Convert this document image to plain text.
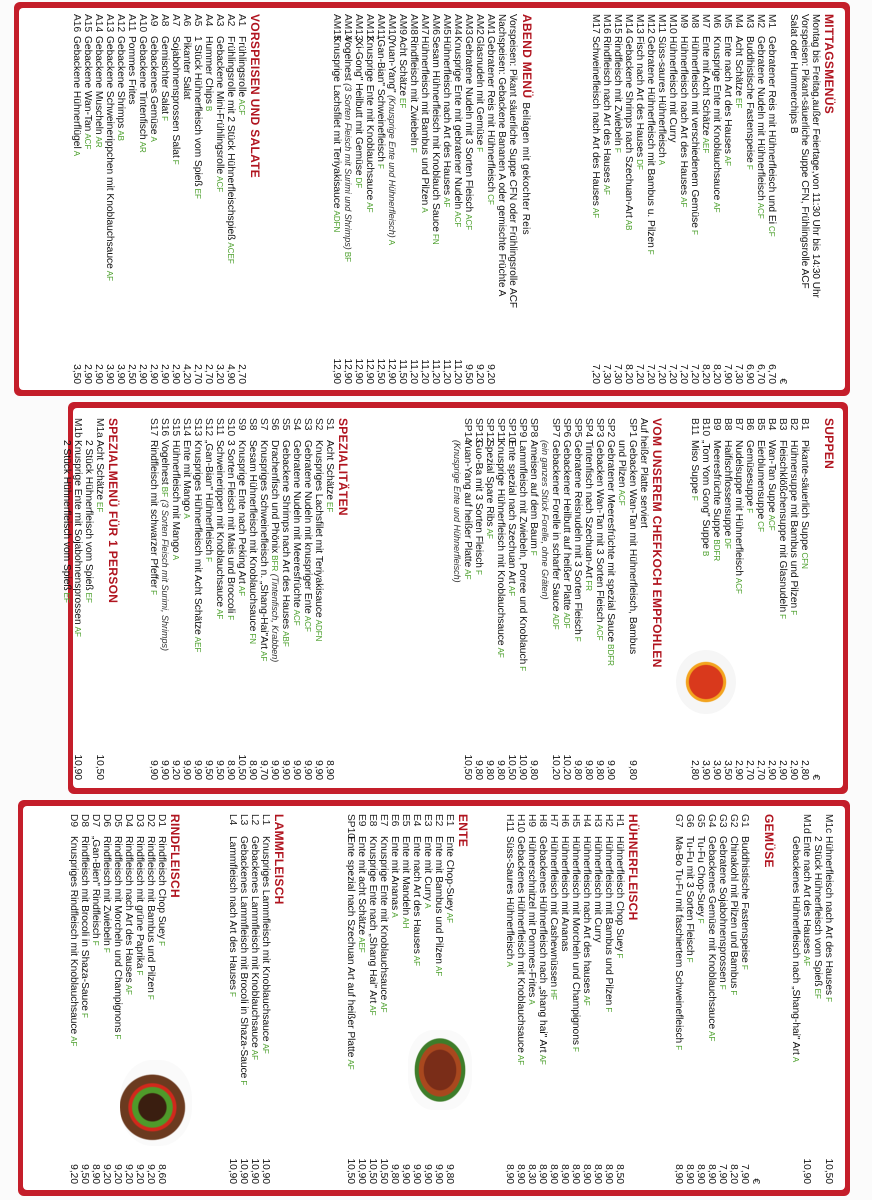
MITTAGSMENÜS
Montag bis Freitag,außer Feiertage,von 11:30 Uhr bis 14:30 Uhr
Vorspeisen: Pikant-säuerliche Suppe CFN, Frühlingsrolle ACF
Salat oder Hummerchips B
€
M1
Gebratener Reis mit Hühnerfleisch und EiCF
6,70
M2
Gebratene Nudeln mit HühnerfleischACF
6,70
M3
Buddhistische FastenspeiseF
6,90
M4
Acht SchätzeEF
7,30
M5
Ente nach Art des HausesAF
7,90
M6
Knusprige Ente mit KnoblauchsauceAF
8,20
M7
Ente mit Acht SchätzeAEF
8,20
M8
Hühnerfleisch mit verschiedenem GemüseF
7,20
M9
Hühnerfleisch nach Art des HausesAF
7,20
M10
Hühnerfleisch mit Curry
7,20
M11
Süss-saures HühnerfleischA
7,20
M12
Gebratene Hühnerfleisch mit Bambus u. PilzenF
7,20
M13
Fisch nach Art des HausesDF
7,20
M14
Gebackene Shrimps nach Szechuan-ArtAB
8,20
M15
Rindfleisch mit ZwiebelnF
7,30
M16
Rindfleisch nach Art des HausesAF
7,30
M17
Schweinefleisch nach Art des HausesAF
7,20
ABEND MENÜBeilagen mit gekochter Reis
Vorspeisen: Pikant säuerliche Suppe CFN oder Frühlingsrolle ACF
Nachspeisen: Gebackene Bananen A oder gemischte Früchte A
AM1
Gebratener Reis mit HühnerfleischCF
9,20
AM2
Glasnudeln mit GemüseF
9,20
AM3
Gebratene Nudeln mit 3 Sorten FleischACF
9,50
AM4
Knusprige Ente mit gebratener NudelnACF
11,20
AM5
Hühnerfleisch nach Art des HausesAF
11,20
AM6
Sesam Hühnerfleisch mit Knoblauch SauceFN
11,20
AM7
Hühnerfleisch mit Bambus und PilzenA
11,20
AM8
Rindfleisch mit ZwiebelnF
11,20
AM9
Acht SchätzeEF
11,50
AM10
„Yuan-Yang" (Knusprige Ente und Hühnerfleisch)A
12,90
AM11
„Gan-Bian" SchweinefleischF
12,50
AM12
Knusprige Ente mit KnoblauchsauceAF
12,90
AM13
„Xi-Gong" Heilbutt mit GemüseDF
12,90
AM14
Vogelnest (3 Sorten Fleisch mit Surimi und Shrimps)BF
12,90
AM15
Knusprige Lachsfilet mit TeriyakisauceADFN
12,90
VORSPEISEN UND SALATE
A1
FrühlingsrolleACF
2,70
A2
Frühlingsrolle mit 2 Stück HühnerfleischspießACEF
4,90
A3
Gebackene Mini-FrühlingsrolleACF
3,20
A4
Hummer ChipsB
2,70
A5
1 Stück Hühnerfleisch vom SpießEF
2,70
A6
Pikanter Salat
4,20
A7
Sojabohnensprossen SalatF
2,90
A8
Gemischter SalatF
2,90
A9
Gebackenes GemüseA
2,90
A10
Gebackene TintenfischAR
2,90
A11
Pommes Frites
2,50
A12
Gebackene ShrimpsAB
3,90
A13
Gebackene Schweinerippchen mit KnoblauchsauceAF
3,90
A14
Gebackene MuschelnAR
2,90
A15
Gebackene Wan-TanACF
2,90
A16
Gebackene HühnerflügelA
3,50
SUPPEN
€
B1
Pikante-säuerlich SuppeCFN
2,80
B2
Hühnersuppe mit Bambus und PilzenF
2,90
B3
Fleischklößchensuppe mit GlasnudelnF
2,90
B4
Wan-Tan SuppeACF
2,90
B5
EierblumensuppeCF
2,70
B6
GemüsesuppeF
2,70
B7
Nudelsuppe mit HühnerfleischACF
2,90
B8
HaifischflossensuppeDF
3,50
B9
Meeresfrüchte SuppeBDFR
3,90
B10
„Tom Yom Gong" SuppeB
3,90
B11
Miso SuppeF
2,80
VOM UNSEREM CHEFKOCH EMPFOHLEN
Auf heißer Platte serviert
SP1
Gebacken Wan-Tan mit Hühnerfleisch, Bambus
9,80
und PilzenACF
SP2
Gebratener Meeresfrüchte mit spezial SauceBDFR
9,90
SP3
Gebacken Wan-Tan mit 3 Sorten FleischACF
9,80
SP4
Tintenfisch nach Szechuan-ArtFR
9,80
SP5
Gebratene Reisnudeln mit 3 Sorten FleischF
9,80
SP6
Gebackener Heilbutt auf heißer PlatteADF
10,20
SP7
Gebackener Forelle in scharfer SauceADF
10,20
(ein ganzes Stück Forelle, ohne Gräten)
SP8
Ameisen auf dem BaumF
9,80
SP9
Lammfleisch mit Zwiebeln, Porree und KnoblauchF
10,90
SP10
Ente spezial nach Szechuan ArtAF
10,50
SP11
Knusprige Hühnerfleisch mit KnoblauchsauceAF
9,80
SP12
Spezial Spare RibsAF
9,80
SP13
Guo-Ba mit 3 Sorten FleischF
9,80
SP14
Yuan-Yang auf heißer PlatteAF
10,50
(Knusprige Ente und Hühnerfleisch)
SPEZIALITÄTEN
S1
Acht SchätzeEF
8,90
S2
Knuspriges Lachsfilet mit TeriyakisauceADFN
9,90
S3
Gebratene Nudeln mit knuspriger EnteACF
9,90
S4
Gebratene Nudeln mit MeeresfrüchteACF
9,90
S5
Gebackene Shrimps nach Art des HausesABF
9,90
S6
Drachenfisch und PhönixBFR (Tintenfisch, Krabben)
9,90
S7
Knuspriges Schweinefleisch n. „Shang-Hai"ArtAF
9,70
S8
Sesam Hühnerfleisch mit KnoblauchsauceFN
8,90
S9
Knusprige Ente nach Peking ArtAF
10,50
S10
3 Sorten Fleisch mit Mais und BroccoliF
8,90
S11
Schweinerippen mit KnoblauchsauceAF
9,50
S12
„Gan-Bian" HühnerfleischF
9,50
S13
Knuspriges Hühnerfleisch mit Acht SchätzeAEF
9,90
S14
Ente mit MangoA
9,90
S15
Hühnerfleisch mit MangoA
9,20
S16
VogelnestBF (3 Sorten Fleisch mit Surimi, Shrimps)
9,90
S17
Rindfleisch mit schwarzer PfefferF
9,90
SPEZIALMENÜ FÜR 1 PERSON
M1a
Acht SchätzeEF
10,50
2 Stück Hühnerfleisch vom SpießEF
M1b
Knusprige Ente mit SojabohnensprossenAF
10,90
2 Stück Hühnerfleisch vom SpießEF
M1c
Hühnerfleisch nach Art des HausesF
10,50
2 Stück Hühnerfleisch vom SpießEF
M1d
Ente nach Art des HausesAF
10,90
Gebackenes Hühnerfleisch nach „Shang-hai" ArtA
GEMÜSE
€
G1
Buddhistische FastenspeiseF
7,90
G2
Chinakohl mit Pilzen und BambusF
8,20
G3
Gebratene SojabohnensprossenF
7,90
G4
Gebackenes Gemüse mit KnoblauchsauceAF
8,90
G5
Tu-Fu Chop-SueyF
8,90
G6
Tu-Fu mit 3 Sorten FleischF
8,90
G7
Ma-Bo Tu-Fu mit faschiertem SchweinefleischF
8,90
HÜHNERFLEISCH
H1
Hühnerfleisch Chop SueyF
8,50
H2
Hühnerfleisch mit Bambus und PilzenF
8,90
H3
Hühnerfleisch mit Curry
8,90
H4
Hühnerfleisch nach Art des hausesAF
8,90
H5
Hühnerfleisch mit Morcheln und ChampignonsF
8,90
H6
Hühnerfleisch mit Ananas
8,90
H7
Hühnerfleisch mit CashewnüssenHF
8,90
H8
Gebackenes Hühnerfleisch nach „shang hai" ArtAF
8,90
H9
Hühnerschnitzel mit Pommes-FritesA
8,30
H10
Gebackenes Hühnerfleisch mit KnoblauchsauceAF
8,90
H11
Süss-Saures HühnerfleischA
8,90
ENTE
E1
Ente Chop-SueyAF
9,80
E2
Ente mit Bambus und PilzenAF
9,90
E3
Ente mit CurryA
9,90
E4
Ente nach Art des HausesAF
9,90
E5
Ente mit MandelnAH
9,90
E6
Ente mit AnanasA
9,80
E7
Knusprige Ente mit KnoblauchsauceAF
10,50
E8
Knusprige Ente nach „Shang Hai" ArtAF
10,50
E9
Ente mit acht SchätzeAEF
10,90
SP10
Ente spezial nach Szechuan Art auf heißer PlatteAF
10,50
LAMMFLEISCH
L1
Knuspriges Lammfleisch mit KnoblauchsauceAF
10,90
L2
Gebackenes Lammfleisch mit KnoblauchsauceAF
10,90
L3
Gebackenes Lammfleisch mit Brocoli in Shaza-SauceF
10,90
L4
Lammfleisch nach Art des HausesF
10,90
RINDFLEISCH
D1
Rindfleisch Chop SueyF
8,60
D2
Rindfleisch mit Bambus und PilzenF
9,20
D3
Rindfleisch mit grüne PaprikaF
9,20
D4
Rindfleisch nach Art des HausesAF
9,20
D5
Rindfleisch mit Morcheln und ChampignonsF
9,20
D6
Rindfleisch mit ZwiebelnF
9,20
D7
„Gan-Bien" RindfleischF
8,90
D8
Rindfleisch mit Brocoli in Shaza-SauceF
9,50
D9
Knuspriges Rindfleisch mit KnoblauchsauceAF
9,20
